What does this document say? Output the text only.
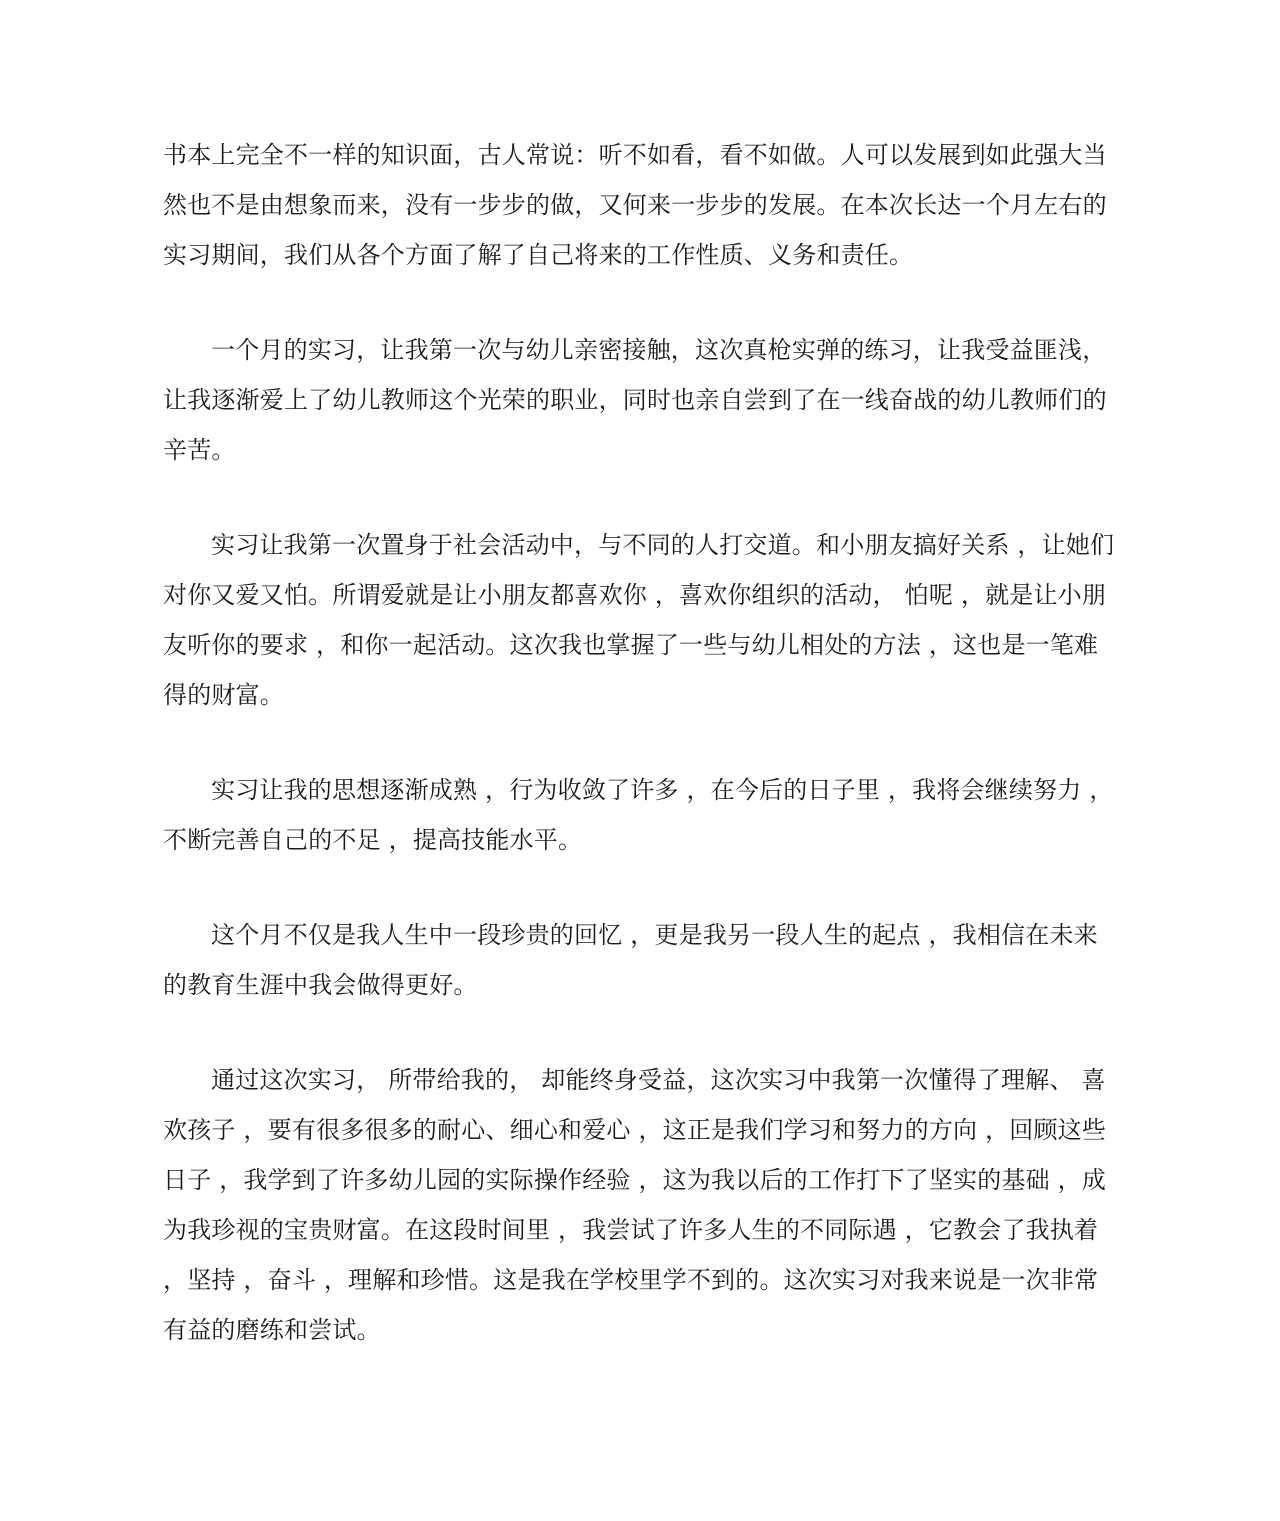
书本上完全不一样的知识面，古人常说：听不如看，看不如做。人可以发展到如此强大当然也不是由想象而来，没有一步步的做，又何来一步步的发展。在本次长达一个月左右的实习期间，我们从各个方面了解了自己将来的工作性质、义务和责任。

一个月的实习，让我第一次与幼儿亲密接触，这次真枪实弹的练习，让我受益匪浅，让我逐渐爱上了幼儿教师这个光荣的职业，同时也亲自尝到了在一线奋战的幼儿教师们的辛苦。

实习让我第一次置身于社会活动中，与不同的人打交道。和小朋友搞好关系 ，让她们对你又爱又怕。所谓爱就是让小朋友都喜欢你 ，喜欢你组织的活动， 怕呢 ，就是让小朋友听你的要求 ，和你一起活动。这次我也掌握了一些与幼儿相处的方法 ，这也是一笔难得的财富。

实习让我的思想逐渐成熟 ，行为收敛了许多 ，在今后的日子里 ，我将会继续努力 ，不断完善自己的不足 ，提高技能水平。

这个月不仅是我人生中一段珍贵的回忆 ，更是我另一段人生的起点 ，我相信在未来的教育生涯中我会做得更好。

通过这次实习， 所带给我的， 却能终身受益，这次实习中我第一次懂得了理解、 喜欢孩子 ，要有很多很多的耐心、细心和爱心 ，这正是我们学习和努力的方向 ，回顾这些日子 ，我学到了许多幼儿园的实际操作经验 ，这为我以后的工作打下了坚实的基础 ，成为我珍视的宝贵财富。在这段时间里 ，我尝试了许多人生的不同际遇 ，它教会了我执着 ，坚持 ，奋斗 ，理解和珍惜。这是我在学校里学不到的。这次实习对我来说是一次非常有益的磨练和尝试。
